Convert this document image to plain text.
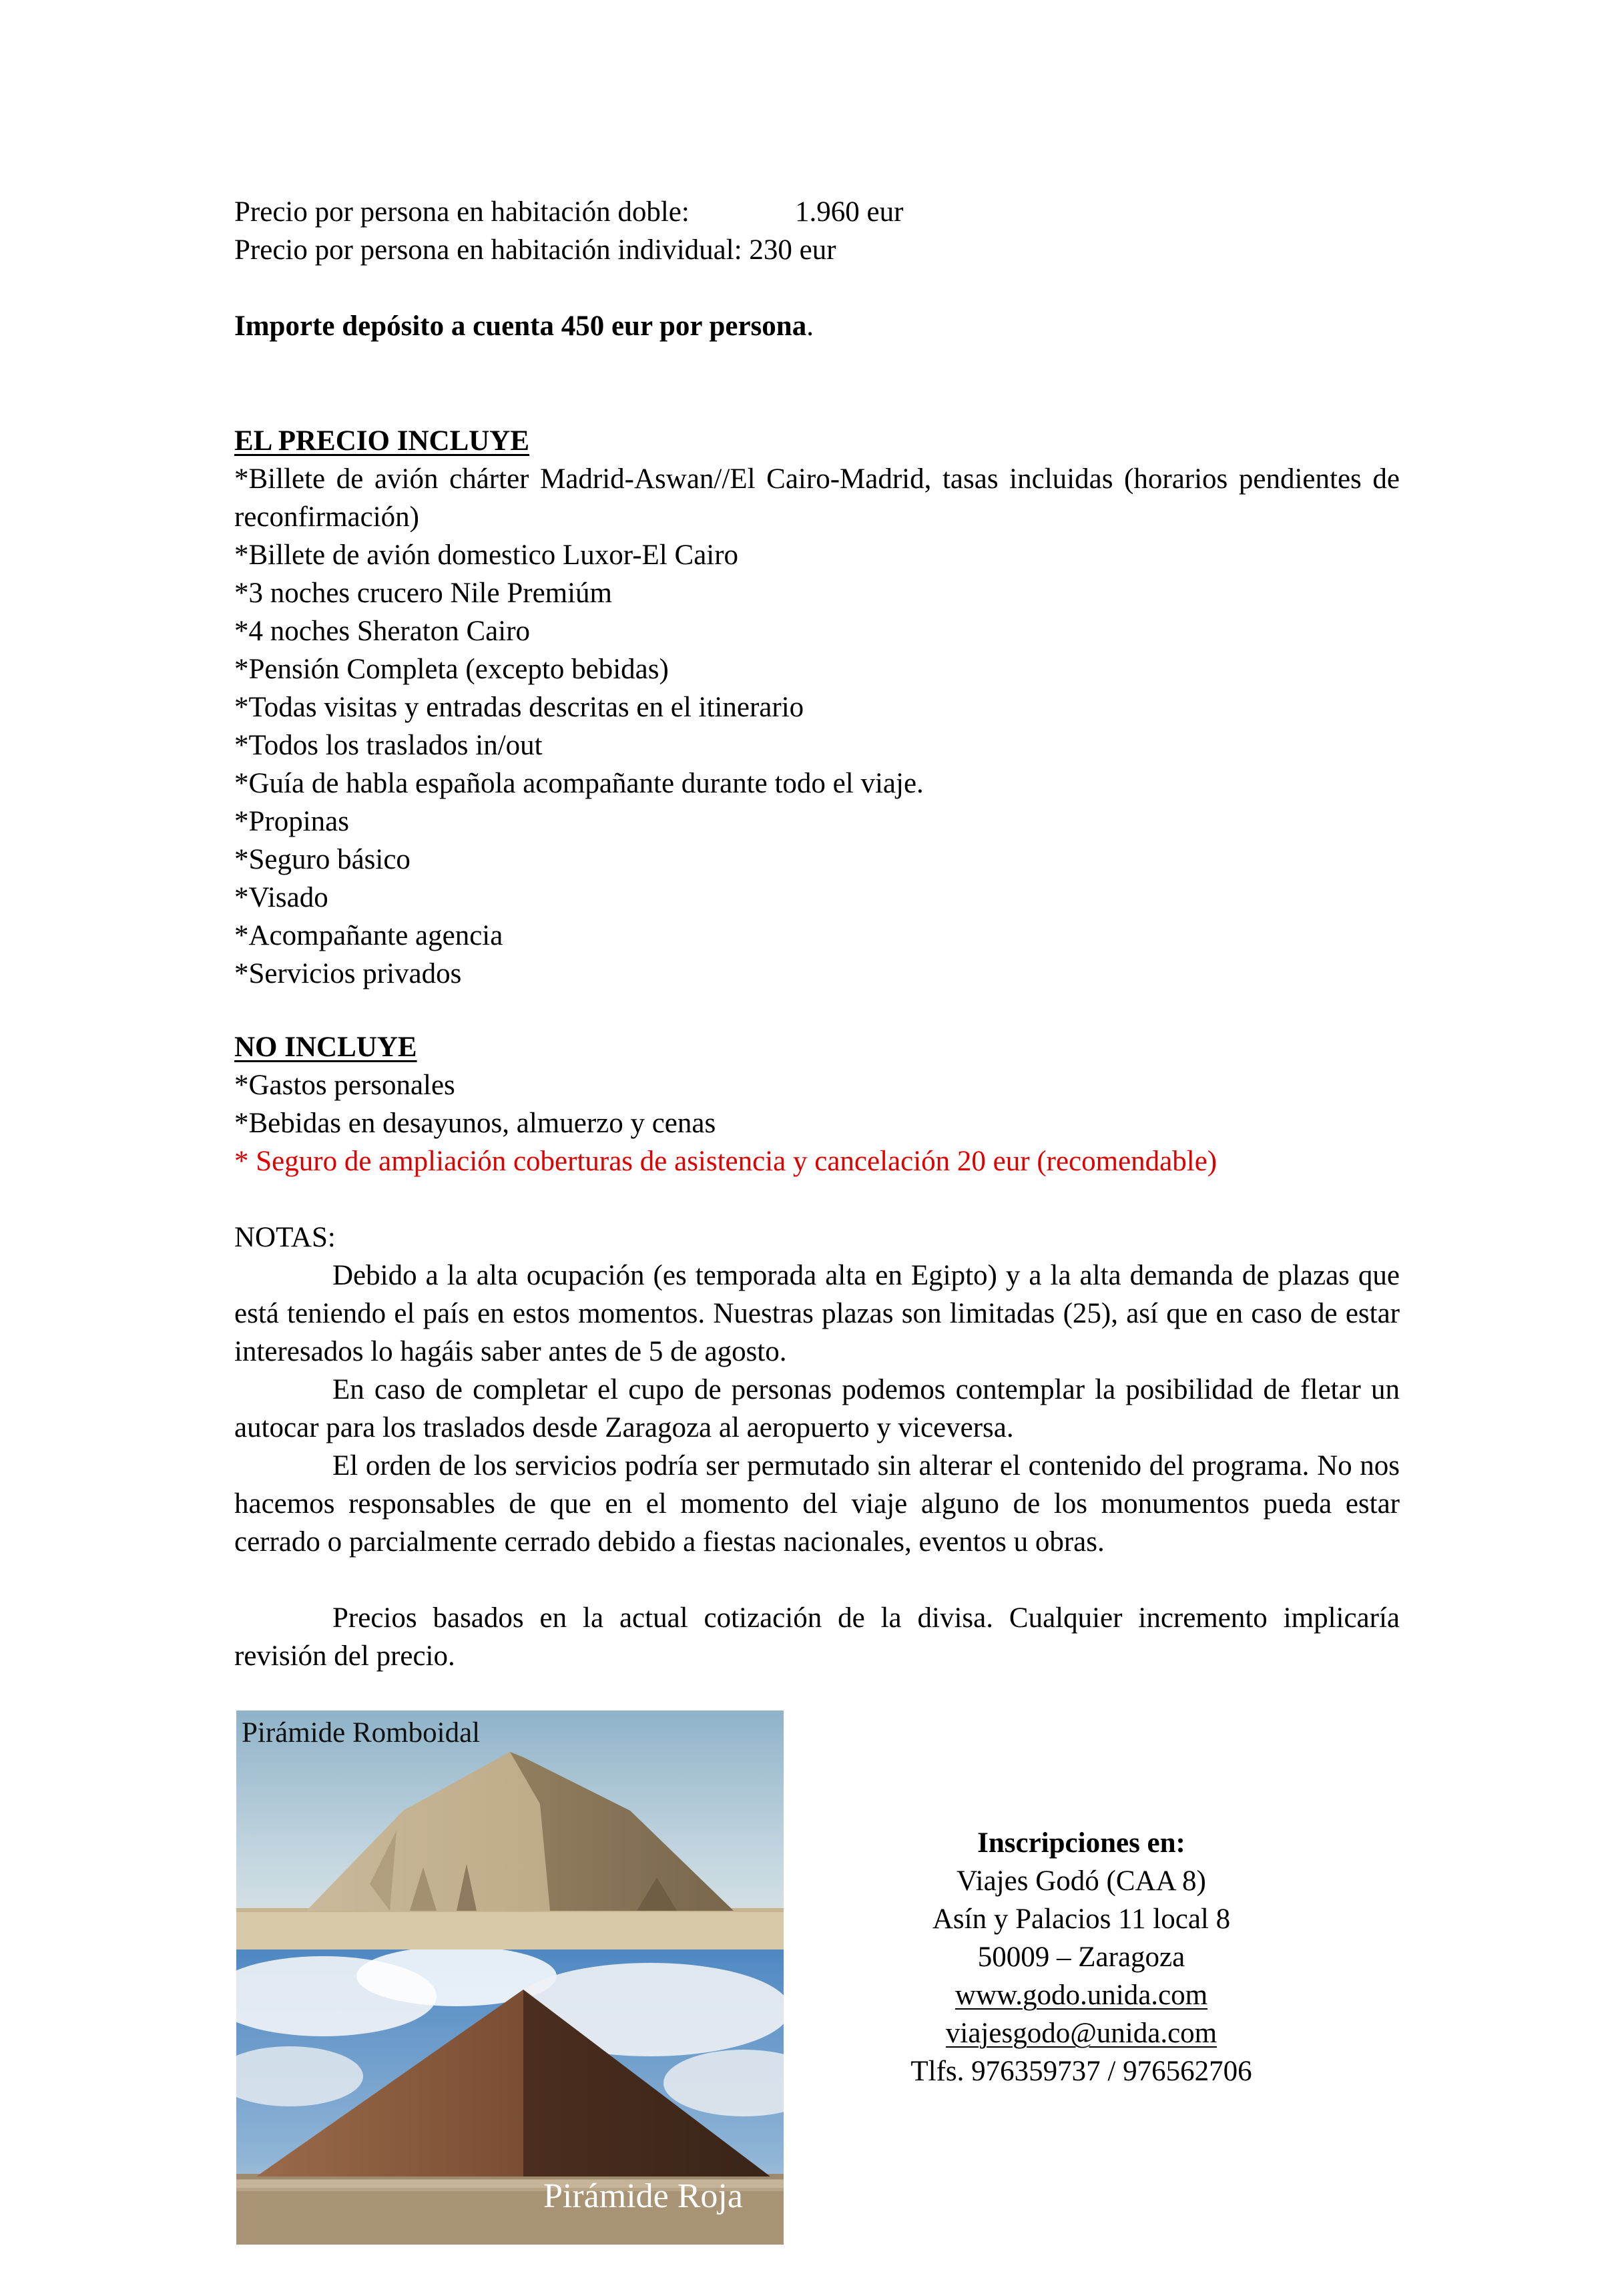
Precio por persona en habitación doble:	1.960 eur
Precio por persona en habitación individual: 230 eur
Importe depósito a cuenta 450 eur por persona.
EL PRECIO INCLUYE
*Billete de avión chárter Madrid-Aswan//El Cairo-Madrid, tasas incluidas (horarios pendientes de reconfirmación)
*Billete de avión domestico Luxor-El Cairo
*3 noches crucero Nile Premiúm
*4 noches Sheraton Cairo
*Pensión Completa (excepto bebidas)
*Todas visitas y entradas descritas en el itinerario
*Todos los traslados in/out
*Guía de habla española acompañante durante todo el viaje.
*Propinas
*Seguro básico
*Visado
*Acompañante agencia
*Servicios privados
NO INCLUYE
*Gastos personales
*Bebidas en desayunos, almuerzo y cenas
* Seguro de ampliación coberturas de asistencia y cancelación 20 eur (recomendable)
NOTAS:
Debido a la alta ocupación (es temporada alta en Egipto) y a la alta demanda de plazas que está teniendo el país en estos momentos. Nuestras plazas son limitadas (25), así que en caso de estar interesados lo hagáis saber antes de 5 de agosto.
En caso de completar el cupo de personas podemos contemplar la posibilidad de fletar un autocar para los traslados desde Zaragoza al aeropuerto y viceversa.
El orden de los servicios podría ser permutado sin alterar el contenido del programa. No nos hacemos responsables de que en el momento del viaje alguno de los monumentos pueda estar cerrado o parcialmente cerrado debido a fiestas nacionales, eventos u obras.
Precios basados en la actual cotización de la divisa. Cualquier incremento implicaría revisión del precio.
Pirámide Romboidal
Pirámide Roja
Inscripciones en:
Viajes Godó (CAA 8)
Asín y Palacios 11 local 8
50009 – Zaragoza
www.godo.unida.com
viajesgodo@unida.com
Tlfs. 976359737 / 976562706
